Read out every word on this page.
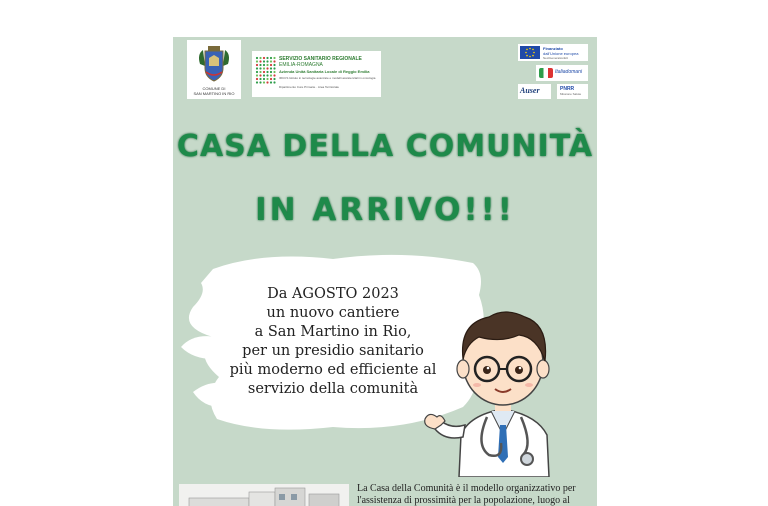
COMUNE DI
SAN MARTINO IN RIO
SERVIZIO SANITARIO REGIONALE
EMILIA-ROMAGNA
Azienda Unità Sanitaria Locale di Reggio Emilia
IRCCS Istituto in tecnologie avanzate e modelli assistenziali in oncologia
Dipartimento Cure Primarie · Area Territoriale
Finanziato
dall'Unione europea
NextGenerationEU
Italiadomani
Auser	PNRR
Missione Salute
CASA DELLA COMUNITÀ
IN ARRIVO!!!
Da AGOSTO 2023
un nuovo cantiere
a San Martino in Rio,
per un presidio sanitario
più moderno ed efficiente al
servizio della comunità
La Casa della Comunità è il modello organizzativo per
l'assistenza di prossimità per la popolazione, luogo al
